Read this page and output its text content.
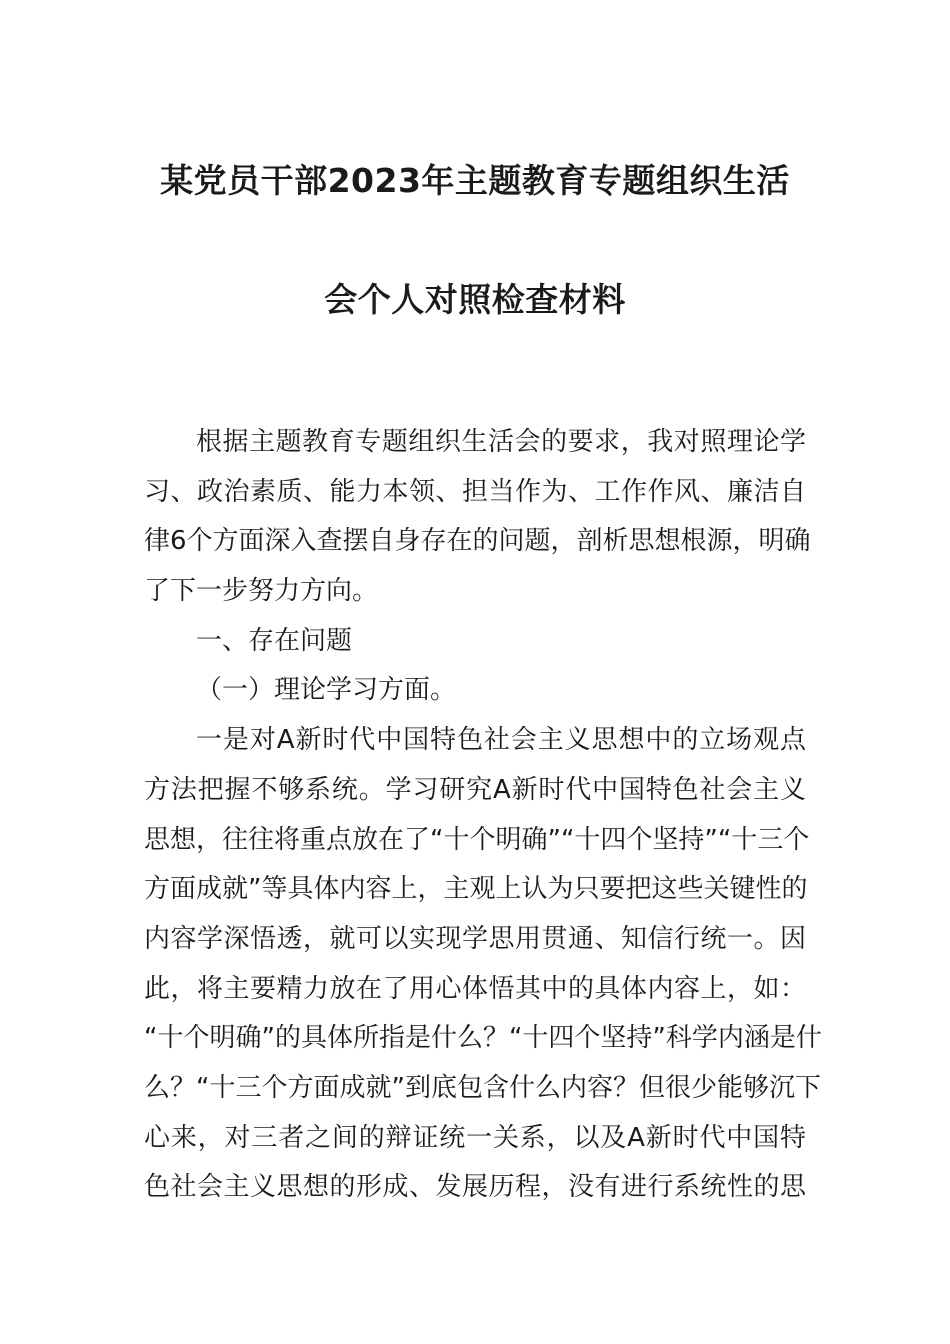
某党员干部2023年主题教育专题组织生活
会个人对照检查材料
根据主题教育专题组织生活会的要求，我对照理论学
习、政治素质、能力本领、担当作为、工作作风、廉洁自
律6个方面深入查摆自身存在的问题，剖析思想根源，明确
了下一步努力方向。
一、存在问题
（一）理论学习方面。
一是对A新时代中国特色社会主义思想中的立场观点
方法把握不够系统。学习研究A新时代中国特色社会主义
思想，往往将重点放在了“十个明确”“十四个坚持”“十三个
方面成就”等具体内容上，主观上认为只要把这些关键性的
内容学深悟透，就可以实现学思用贯通、知信行统一。因
此，将主要精力放在了用心体悟其中的具体内容上，如：
“十个明确”的具体所指是什么？“十四个坚持”科学内涵是什
么？“十三个方面成就”到底包含什么内容？但很少能够沉下
心来，对三者之间的辩证统一关系，以及A新时代中国特
色社会主义思想的形成、发展历程，没有进行系统性的思
